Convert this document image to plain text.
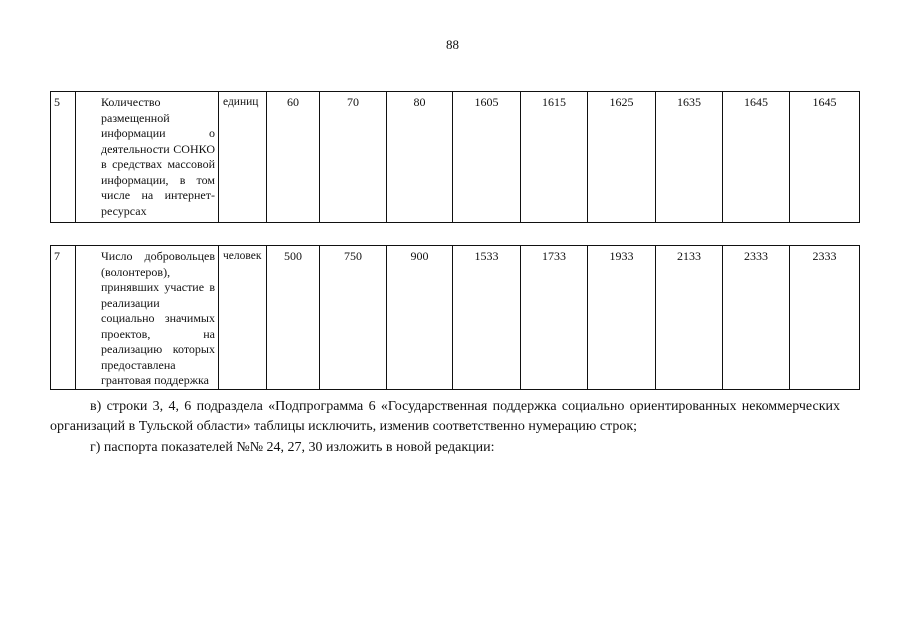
88
5	Количество размещенной информации о деятельности СОНКО в средствах массовой информации, в том числе на интернет-ресурсах	единиц	60	70	80	1605	1615	1625	1635	1645	1645
7	Число добровольцев (волонтеров), принявших участие в реализации социально значимых проектов, на реализацию которых предоставлена грантовая поддержка	человек	500	750	900	1533	1733	1933	2133	2333	2333

в) строки 3, 4, 6 подраздела «Подпрограмма 6 «Государственная поддержка социально ориентированных некоммерческих организаций в Тульской области» таблицы исключить, изменив соответственно нумерацию строк;

г) паспорта показателей №№ 24, 27, 30 изложить в новой редакции:
